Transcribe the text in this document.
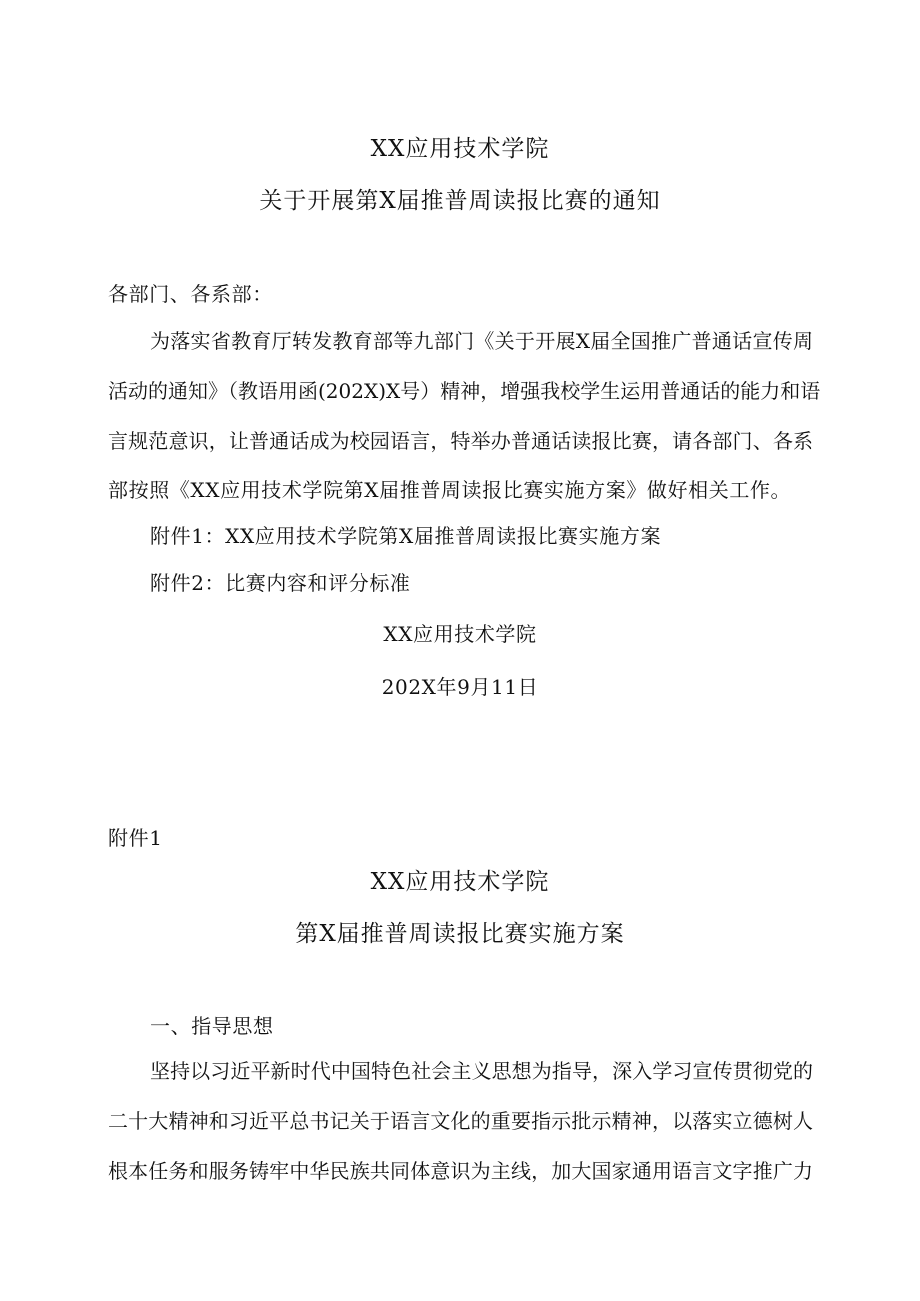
XX应用技术学院
关于开展第X届推普周读报比赛的通知
各部门、各系部：
为落实省教育厅转发教育部等九部门《关于开展X届全国推广普通话宣传周
活动的通知》（教语用函(202X)X号）精神，增强我校学生运用普通话的能力和语
言规范意识，让普通话成为校园语言，特举办普通话读报比赛，请各部门、各系
部按照《XX应用技术学院第X届推普周读报比赛实施方案》做好相关工作。
附件1：XX应用技术学院第X届推普周读报比赛实施方案
附件2：比赛内容和评分标准
XX应用技术学院
202X年9月11日
附件1
XX应用技术学院
第X届推普周读报比赛实施方案
一、指导思想
坚持以习近平新时代中国特色社会主义思想为指导，深入学习宣传贯彻党的
二十大精神和习近平总书记关于语言文化的重要指示批示精神，以落实立德树人
根本任务和服务铸牢中华民族共同体意识为主线，加大国家通用语言文字推广力
